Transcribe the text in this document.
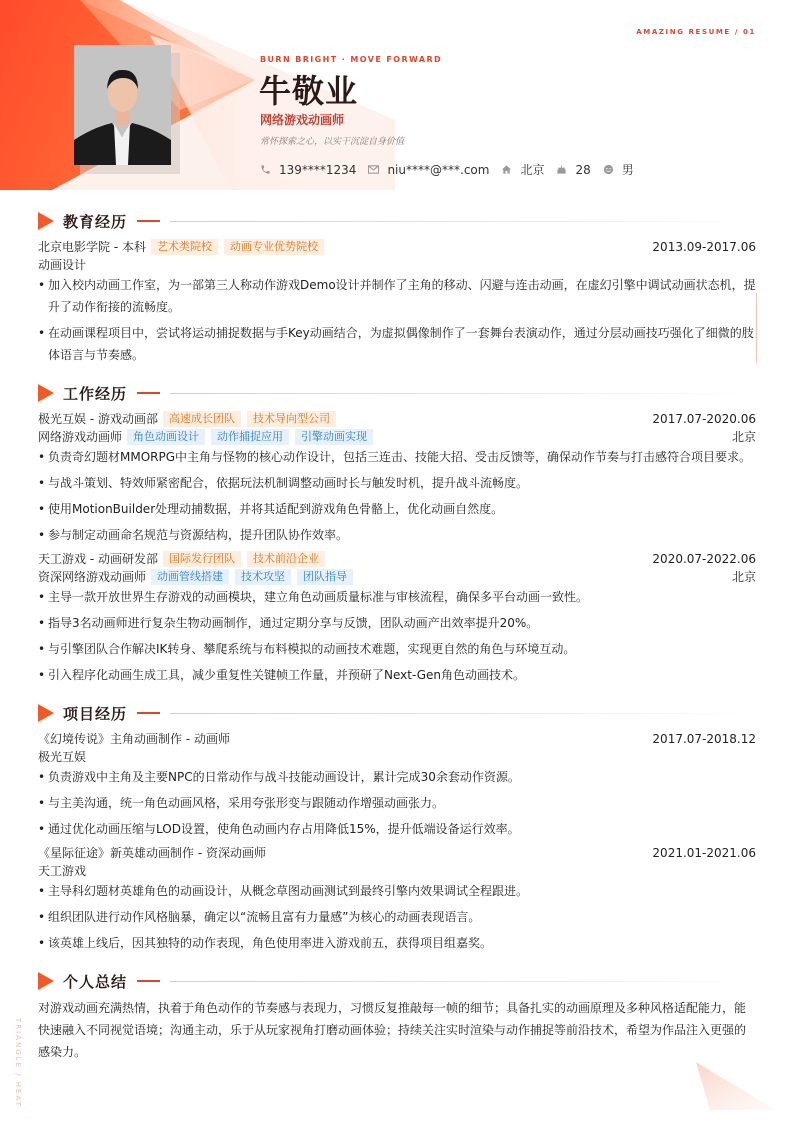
AMAZING RESUME / 01
BURN BRIGHT · MOVE FORWARD
牛敬业
网络游戏动画师
常怀探索之心，以实干沉淀自身价值
139****1234	niu****@***.com	北京	28	男
教育经历
北京电影学院 - 本科	艺术类院校	动画专业优势院校	2013.09-2017.06
动画设计
• 加入校内动画工作室，为一部第三人称动作游戏Demo设计并制作了主角的移动、闪避与连击动画，在虚幻引擎中调试动画状态机，提升了动作衔接的流畅度。
• 在动画课程项目中，尝试将运动捕捉数据与手Key动画结合，为虚拟偶像制作了一套舞台表演动作，通过分层动画技巧强化了细微的肢体语言与节奏感。
工作经历
极光互娱 - 游戏动画部	高速成长团队	技术导向型公司	2017.07-2020.06
网络游戏动画师	角色动画设计	动作捕捉应用	引擎动画实现	北京
• 负责奇幻题材MMORPG中主角与怪物的核心动作设计，包括三连击、技能大招、受击反馈等，确保动作节奏与打击感符合项目要求。
• 与战斗策划、特效师紧密配合，依据玩法机制调整动画时长与触发时机，提升战斗流畅度。
• 使用MotionBuilder处理动捕数据，并将其适配到游戏角色骨骼上，优化动画自然度。
• 参与制定动画命名规范与资源结构，提升团队协作效率。
天工游戏 - 动画研发部	国际发行团队	技术前沿企业	2020.07-2022.06
资深网络游戏动画师	动画管线搭建	技术攻坚	团队指导	北京
• 主导一款开放世界生存游戏的动画模块，建立角色动画质量标准与审核流程，确保多平台动画一致性。
• 指导3名动画师进行复杂生物动画制作，通过定期分享与反馈，团队动画产出效率提升20%。
• 与引擎团队合作解决IK转身、攀爬系统与布料模拟的动画技术难题，实现更自然的角色与环境互动。
• 引入程序化动画生成工具，减少重复性关键帧工作量，并预研了Next-Gen角色动画技术。
项目经历
《幻境传说》主角动画制作 - 动画师	2017.07-2018.12
极光互娱
• 负责游戏中主角及主要NPC的日常动作与战斗技能动画设计，累计完成30余套动作资源。
• 与主美沟通，统一角色动画风格，采用夸张形变与跟随动作增强动画张力。
• 通过优化动画压缩与LOD设置，使角色动画内存占用降低15%，提升低端设备运行效率。
《星际征途》新英雄动画制作 - 资深动画师	2021.01-2021.06
天工游戏
• 主导科幻题材英雄角色的动画设计，从概念草图动画测试到最终引擎内效果调试全程跟进。
• 组织团队进行动作风格脑暴，确定以“流畅且富有力量感”为核心的动画表现语言。
• 该英雄上线后，因其独特的动作表现，角色使用率进入游戏前五，获得项目组嘉奖。
个人总结
对游戏动画充满热情，执着于角色动作的节奏感与表现力，习惯反复推敲每一帧的细节；具备扎实的动画原理及多种风格适配能力，能快速融入不同视觉语境；沟通主动，乐于从玩家视角打磨动画体验；持续关注实时渲染与动作捕捉等前沿技术，希望为作品注入更强的感染力。
TRIANGLE / HEAT
